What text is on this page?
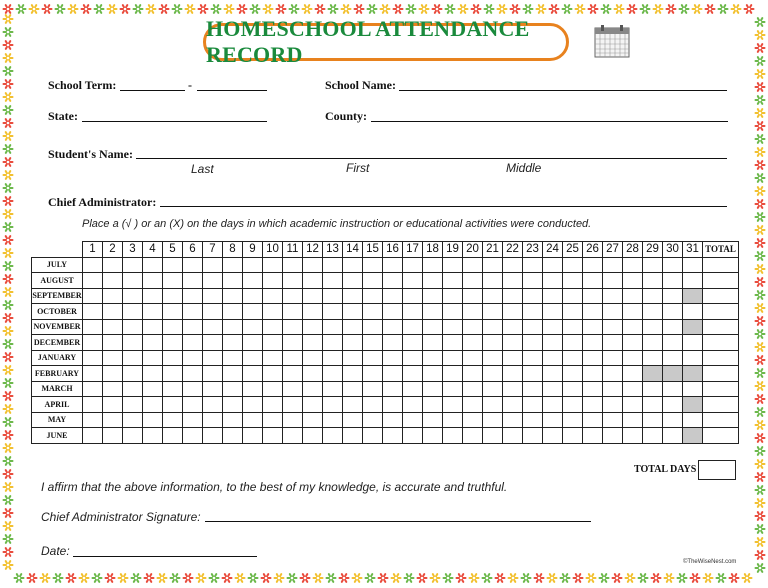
HOMESCHOOL ATTENDANCE RECORD
School Term:	-	School Name:
State:	County:
Student's Name:
Last	First	Middle
Chief Administrator:
Place a (√ ) or an (X) on the days in which academic instruction or educational activities were conducted.
	1	2	3	4	5	6	7	8	9	10	11	12	13	14	15	16	17	18	19	20	21	22	23	24	25	26	27	28	29	30	31	TOTAL
JULY																																
AUGUST																																
SEPTEMBER																																
OCTOBER																																
NOVEMBER																																
DECEMBER																																
JANUARY																																
FEBRUARY																																
MARCH																																
APRIL																																
MAY																																
JUNE																																
TOTAL DAYS
I affirm that the above information, to the best of my knowledge, is accurate and truthful.
Chief Administrator Signature:
Date:
©TheWiseNest.com
